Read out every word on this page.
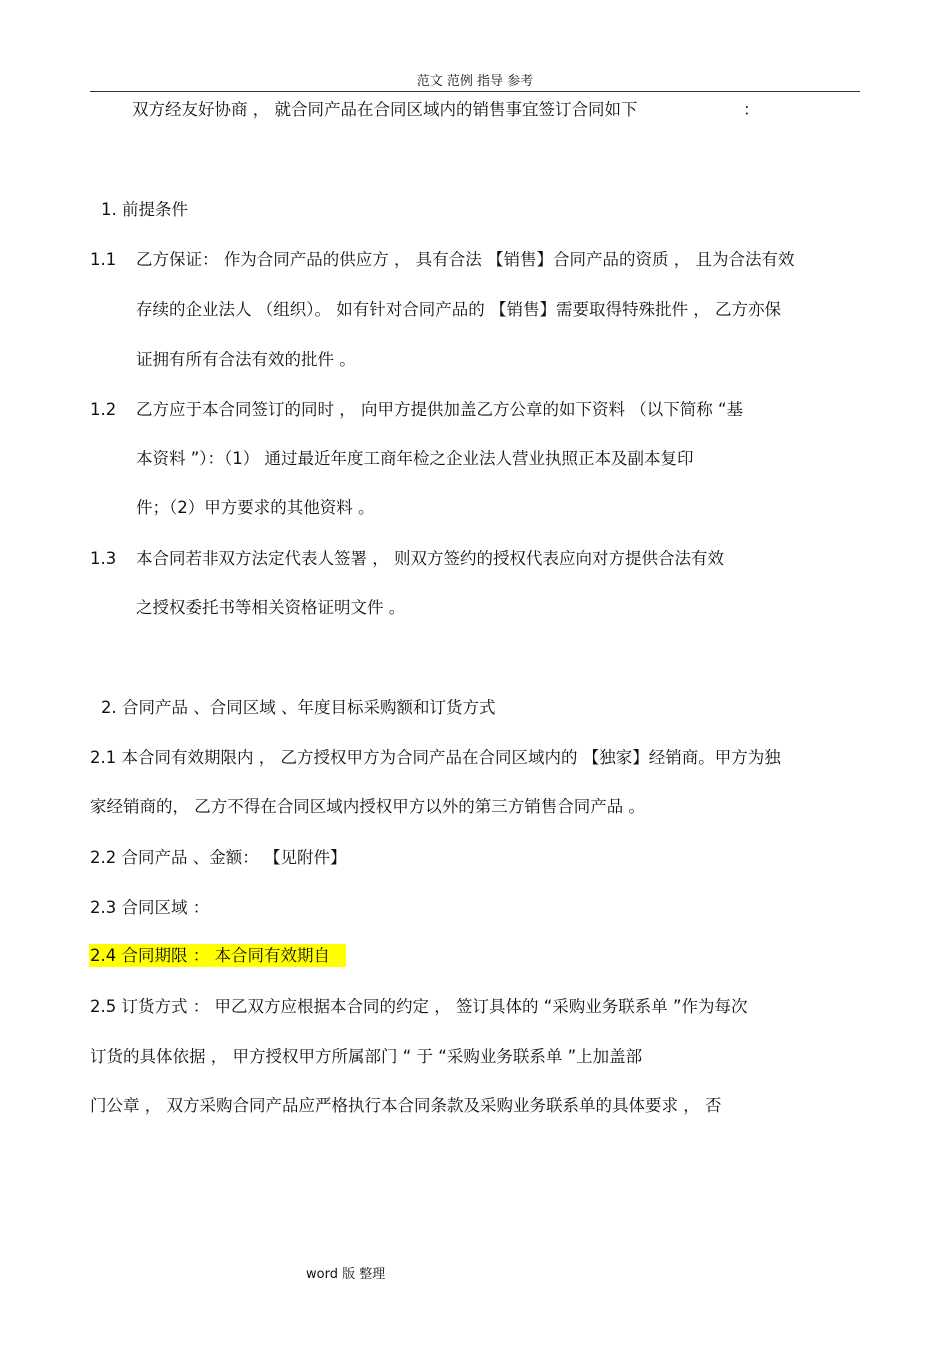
范文 范例 指导 参考
双方经友好协商 ， 就合同产品在合同区域内的销售事宜签订合同如下	：
1. 前提条件
1.1 乙方保证： 作为合同产品的供应方 ， 具有合法 【销售】合同产品的资质 ， 且为合法有效
存续的企业法人 （组织）。 如有针对合同产品的 【销售】需要取得特殊批件 ， 乙方亦保
证拥有所有合法有效的批件 。
1.2 乙方应于本合同签订的同时 ， 向甲方提供加盖乙方公章的如下资料 （以下简称 “基
本资料 ”）：（1） 通过最近年度工商年检之企业法人营业执照正本及副本复印
件；（2）甲方要求的其他资料 。
1.3 本合同若非双方法定代表人签署 ， 则双方签约的授权代表应向对方提供合法有效
之授权委托书等相关资格证明文件 。
2. 合同产品 、合同区域 、年度目标采购额和订货方式
2.1 本合同有效期限内 ， 乙方授权甲方为合同产品在合同区域内的 【独家】经销商。甲方为独
家经销商的， 乙方不得在合同区域内授权甲方以外的第三方销售合同产品 。
2.2 合同产品 、金额： 【见附件】
2.3 合同区域 ：
2.4 合同期限 ： 本合同有效期自
2.5 订货方式 ： 甲乙双方应根据本合同的约定 ， 签订具体的 “采购业务联系单 ”作为每次
订货的具体依据 ， 甲方授权甲方所属部门 “ 于 “采购业务联系单 ”上加盖部
门公章 ， 双方采购合同产品应严格执行本合同条款及采购业务联系单的具体要求 ， 否
word 版 整理
